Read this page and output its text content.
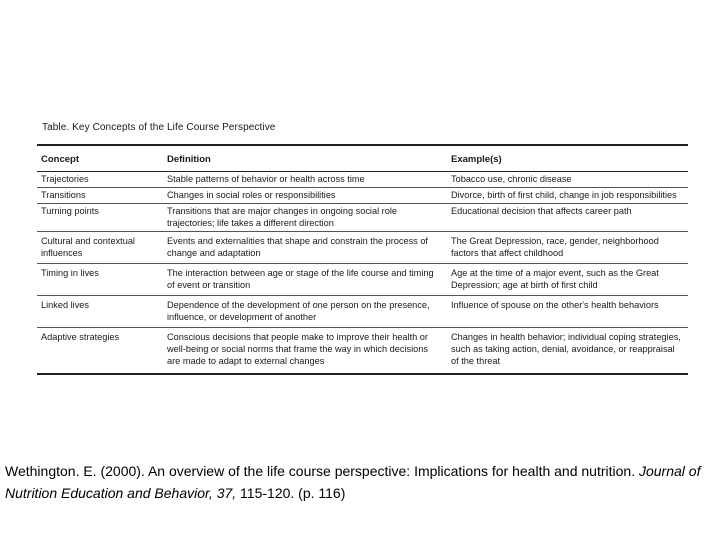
Table. Key Concepts of the Life Course Perspective
Concept	Definition	Example(s)
Trajectories	Stable patterns of behavior or health across time	Tobacco use, chronic disease
Transitions	Changes in social roles or responsibilities	Divorce, birth of first child, change in job responsibilities
Turning points	Transitions that are major changes in ongoing social role trajectories; life takes a different direction	Educational decision that affects career path
Cultural and contextual influences	Events and externalities that shape and constrain the process of change and adaptation	The Great Depression, race, gender, neighborhood factors that affect childhood
Timing in lives	The interaction between age or stage of the life course and timing of event or transition	Age at the time of a major event, such as the Great Depression; age at birth of first child
Linked lives	Dependence of the development of one person on the presence, influence, or development of another	Influence of spouse on the other's health behaviors
Adaptive strategies	Conscious decisions that people make to improve their health or well-being or social norms that frame the way in which decisions are made to adapt to external changes	Changes in health behavior; individual coping strategies, such as taking action, denial, avoidance, or reappraisal of the threat
Wethington. E. (2000). An overview of the life course perspective: Implications for health and nutrition. Journal of Nutrition Education and Behavior, 37, 115-120. (p. 116)
